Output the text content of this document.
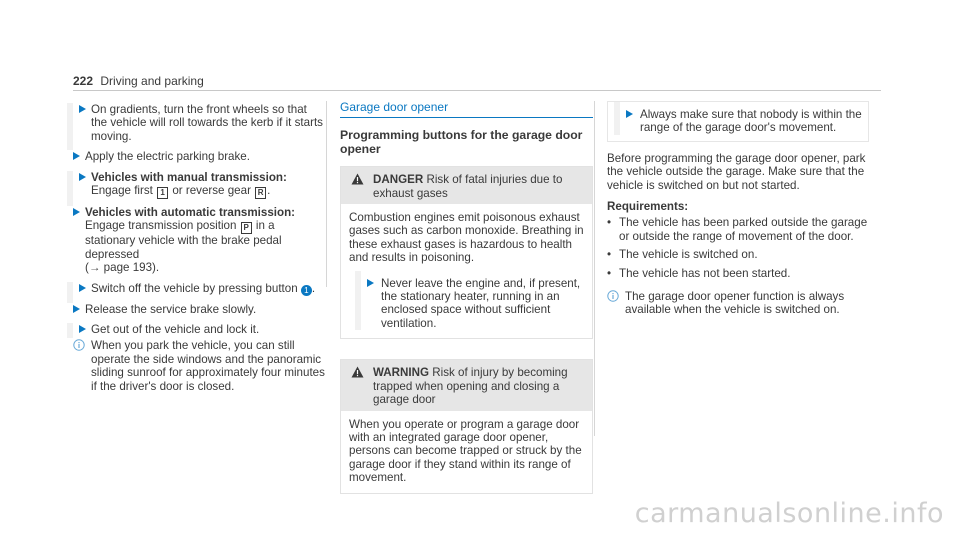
222 Driving and parking

On gradients, turn the front wheels so that the vehicle will roll towards the kerb if it starts moving.

Apply the electric parking brake.

Vehicles with manual transmission: Engage first 1 or reverse gear R .

Vehicles with automatic transmission: Engage transmission position P in a stationary vehicle with the brake pedal depressed
(→ page 193).

Switch off the vehicle by pressing button 1 .

Release the service brake slowly.

Get out of the vehicle and lock it.

When you park the vehicle, you can still operate the side windows and the panoramic sliding sunroof for approximately four minutes if the driver's door is closed.

Garage door opener
Programming buttons for the garage door opener
DANGER Risk of fatal injuries due to exhaust gases

Combustion engines emit poisonous exhaust gases such as carbon monoxide. Breathing in these exhaust gases is hazardous to health and results in poisoning.

Never leave the engine and, if present, the stationary heater, running in an enclosed space without sufficient ventilation.

WARNING Risk of injury by becoming trapped when opening and closing a garage door

When you operate or program a garage door with an integrated garage door opener, persons can become trapped or struck by the garage door if they stand within its range of movement.

Always make sure that nobody is within the range of the garage door's movement.

Before programming the garage door opener, park the vehicle outside the garage. Make sure that the vehicle is switched on but not started.

Requirements:

• The vehicle has been parked outside the garage or outside the range of movement of the door.
• The vehicle is switched on.
• The vehicle has not been started.

The garage door opener function is always available when the vehicle is switched on.

carmanualsonline.info
